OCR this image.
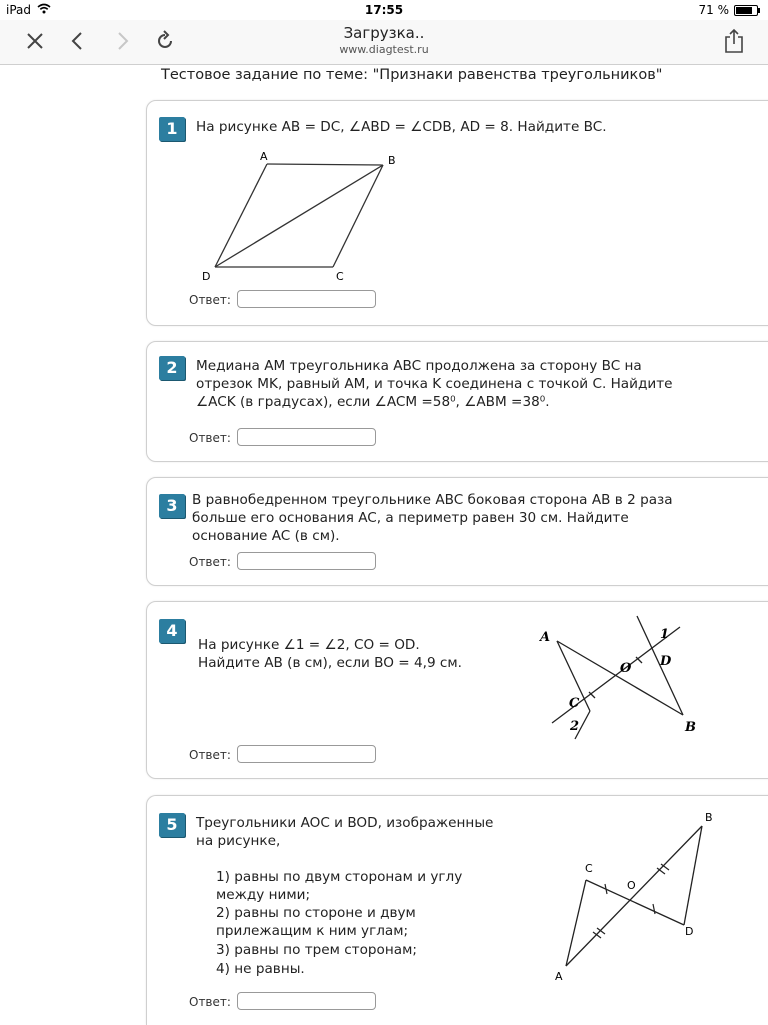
iPad	17:55	71 %
Загрузка..
www.diagtest.ru
Тестовое задание по теме: "Признаки равенства треугольников"
1	На рисунке AB = DC, ∠ABD = ∠CDB, AD = 8. Найдите BC.
A	B
C
D
Ответ:
2	Медиана AM треугольника ABC продолжена за сторону BC на
отрезок MK, равный AM, и точка K соединена с точкой C. Найдите
∠ACK (в градусах), если ∠ACM =58⁰, ∠ABM =38⁰.
Ответ:
3	В равнобедренном треугольнике ABC боковая сторона AB в 2 раза
больше его основания AC, а периметр равен 30 см. Найдите
основание AC (в см).
Ответ:
4
На рисунке ∠1 = ∠2, CO = OD.
Найдите AB (в см), если BO = 4,9 см.
A
B
C
D
O
1
2
Ответ:
5	Треугольники AOC и BOD, изображенные
на рисунке,
1) равны по двум сторонам и углу
между ними;
2) равны по стороне и двум
прилежащим к ним углам;
3) равны по трем сторонам;
4) не равны.	A
B
C
D
O
Ответ:
